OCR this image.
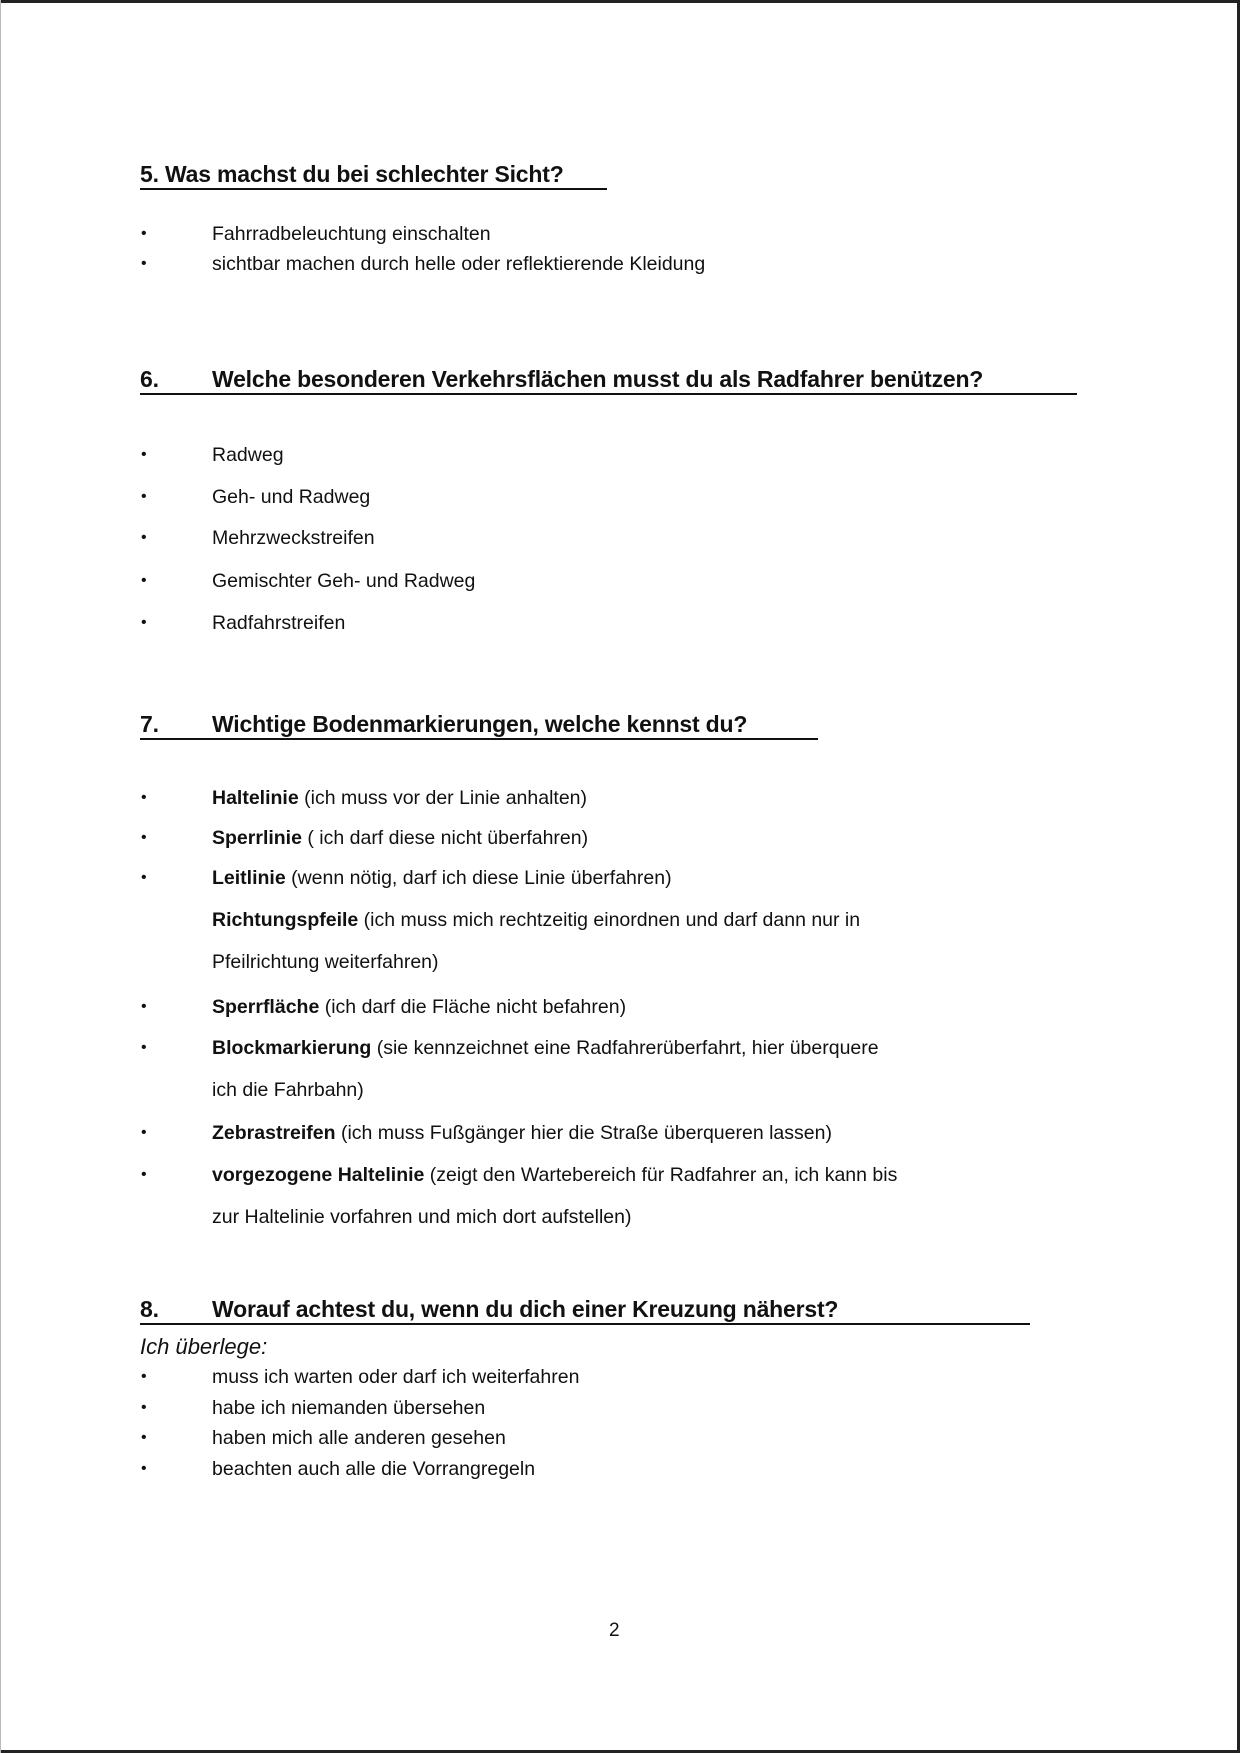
5. Was machst du bei schlechter Sicht?
•	Fahrradbeleuchtung einschalten
•	sichtbar machen durch helle oder reflektierende Kleidung
6. Welche besonderen Verkehrsflächen musst du als Radfahrer benützen?
•	Radweg
•	Geh- und Radweg
•	Mehrzweckstreifen
•	Gemischter Geh- und Radweg
•	Radfahrstreifen
7. Wichtige Bodenmarkierungen, welche kennst du?
•	Haltelinie (ich muss vor der Linie anhalten)
•	Sperrlinie ( ich darf diese nicht überfahren)
•	Leitlinie (wenn nötig, darf ich diese Linie überfahren)
Richtungspfeile (ich muss mich rechtzeitig einordnen und darf dann nur in
Pfeilrichtung weiterfahren)
•	Sperrfläche (ich darf die Fläche nicht befahren)
•	Blockmarkierung (sie kennzeichnet eine Radfahrerüberfahrt, hier überquere
ich die Fahrbahn)
•	Zebrastreifen (ich muss Fußgänger hier die Straße überqueren lassen)
•	vorgezogene Haltelinie (zeigt den Wartebereich für Radfahrer an, ich kann bis
zur Haltelinie vorfahren und mich dort aufstellen)
8. Worauf achtest du, wenn du dich einer Kreuzung näherst?
Ich überlege:
•	muss ich warten oder darf ich weiterfahren
•	habe ich niemanden übersehen
•	haben mich alle anderen gesehen
•	beachten auch alle die Vorrangregeln
2
